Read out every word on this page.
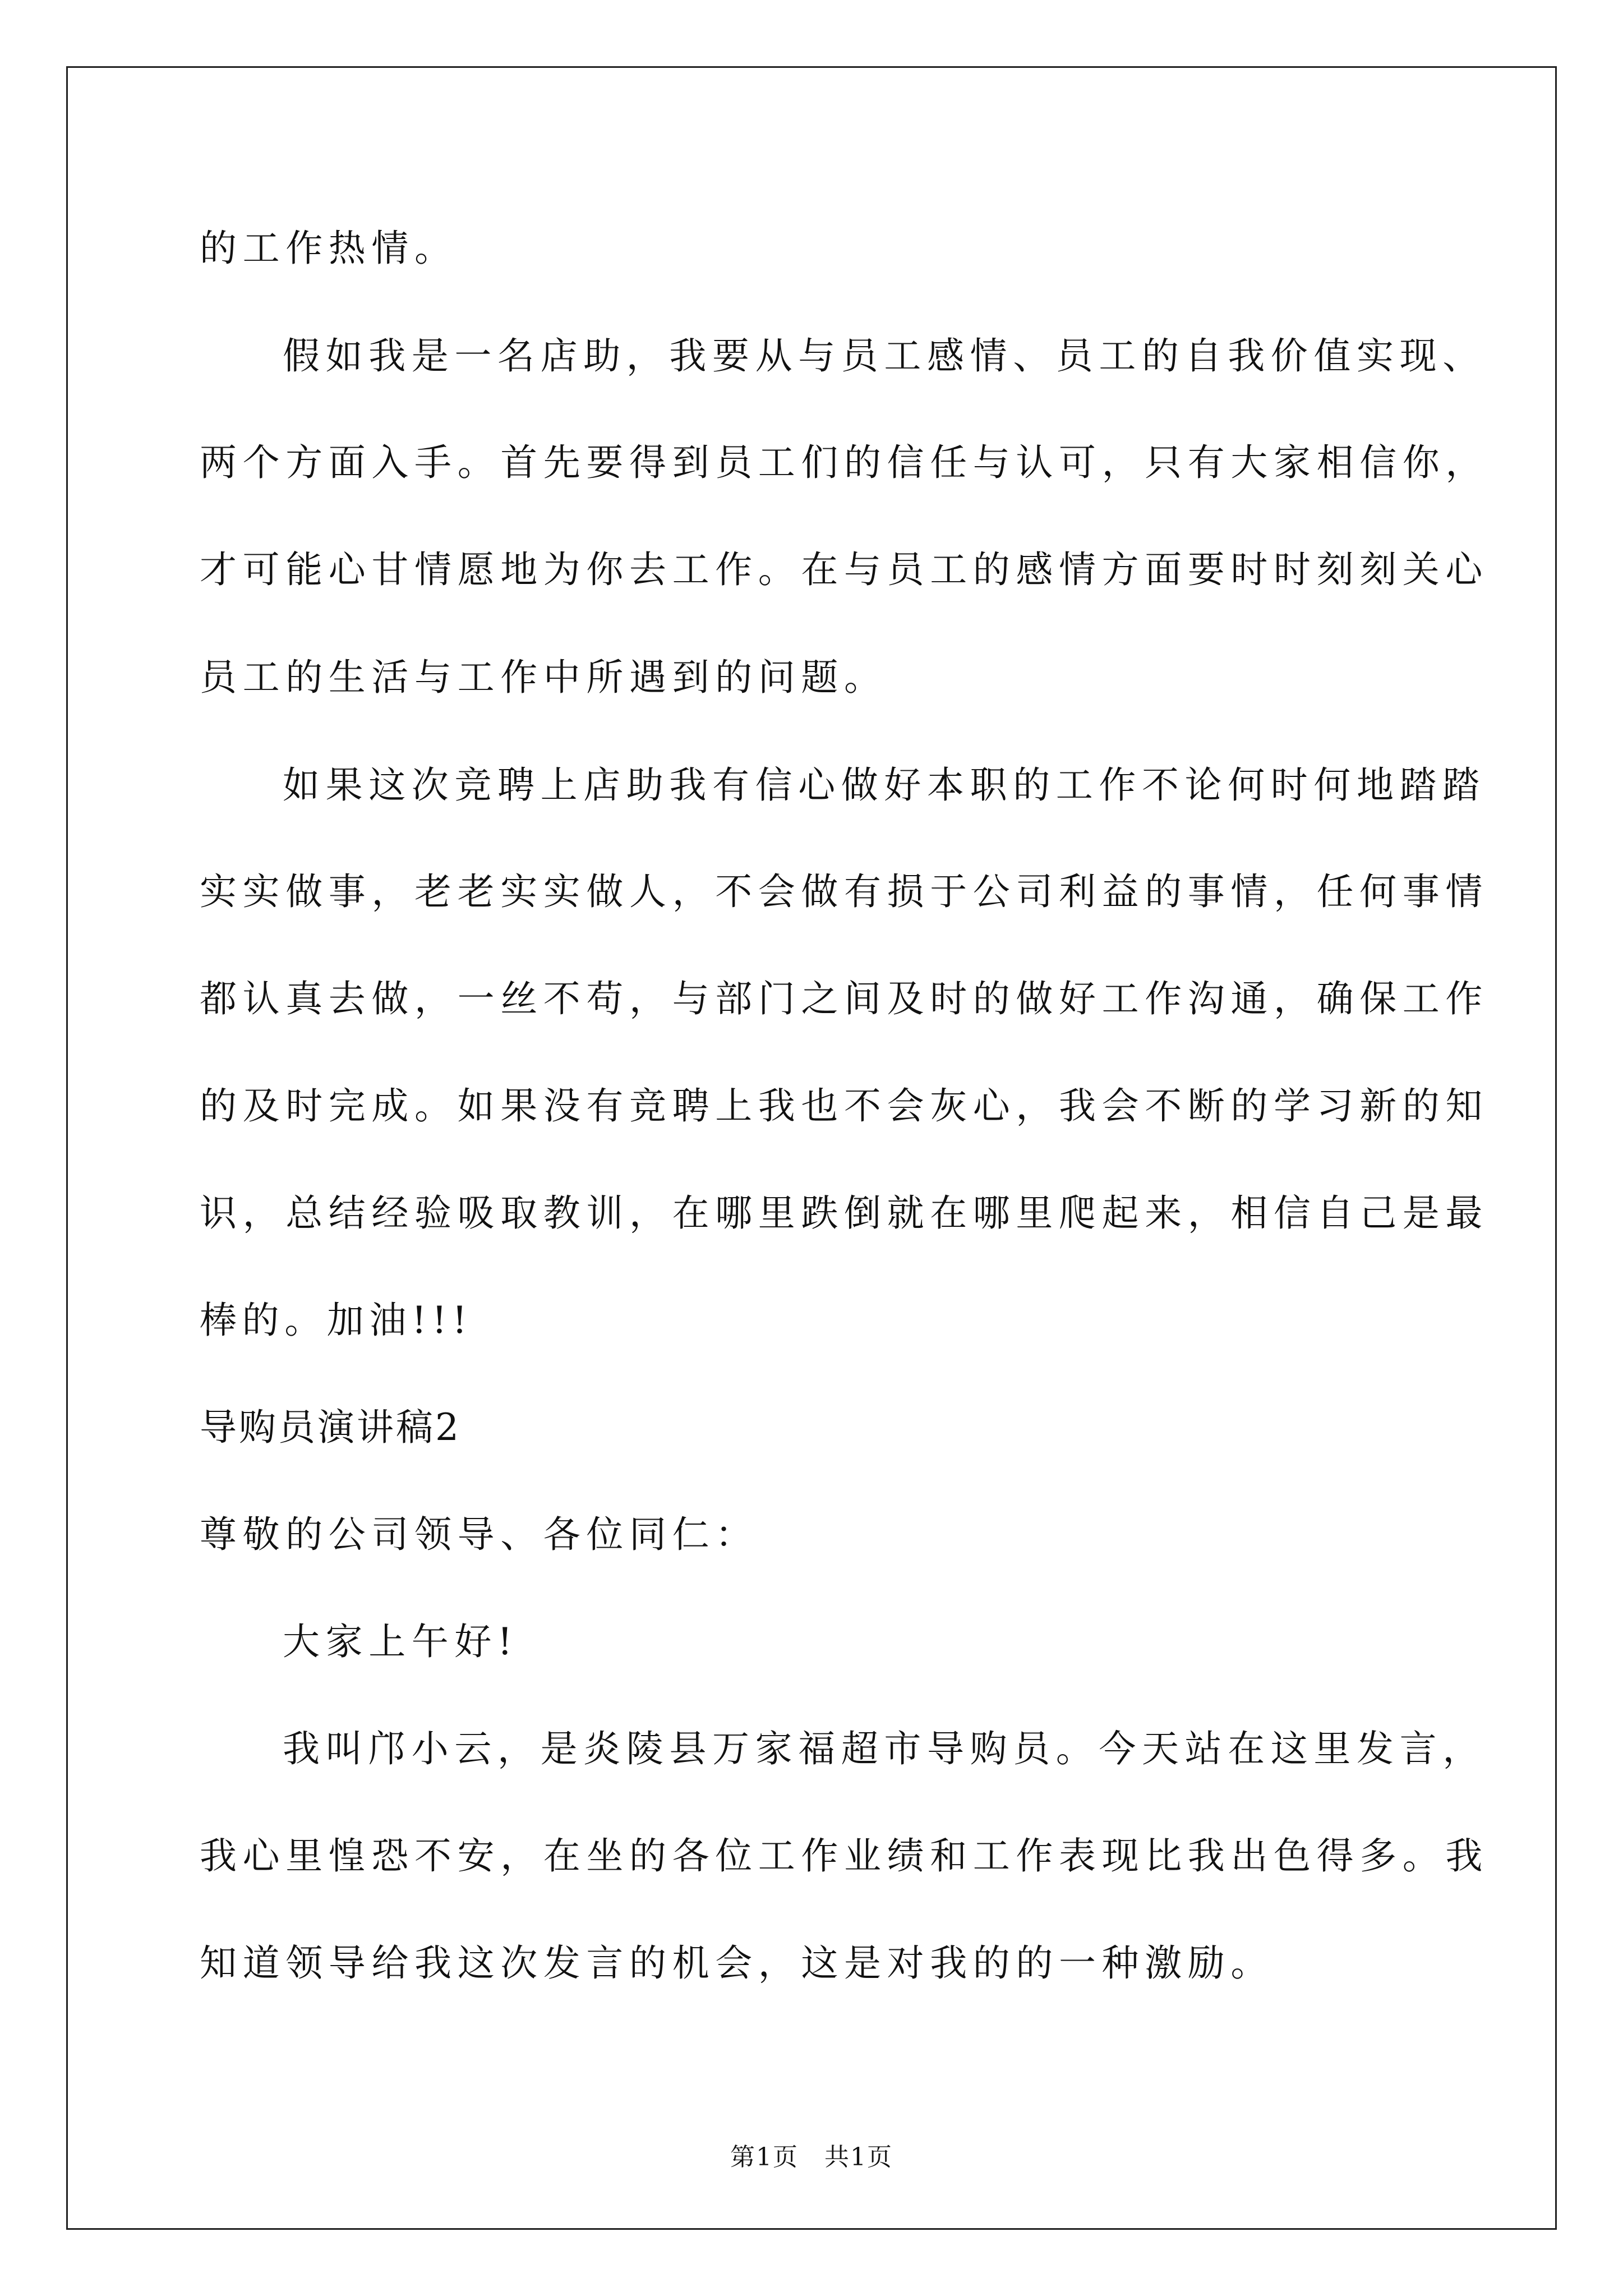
的工作热情。
假如我是一名店助，我要从与员工感情、员工的自我价值实现、
两个方面入手。首先要得到员工们的信任与认可，只有大家相信你，
才可能心甘情愿地为你去工作。在与员工的感情方面要时时刻刻关心
员工的生活与工作中所遇到的问题。
如果这次竞聘上店助我有信心做好本职的工作不论何时何地踏踏
实实做事，老老实实做人，不会做有损于公司利益的事情，任何事情
都认真去做，一丝不苟，与部门之间及时的做好工作沟通，确保工作
的及时完成。如果没有竞聘上我也不会灰心，我会不断的学习新的知
识，总结经验吸取教训，在哪里跌倒就在哪里爬起来，相信自己是最
棒的。加油!!!
导购员演讲稿2
尊敬的公司领导、各位同仁：
大家上午好!
我叫邝小云，是炎陵县万家福超市导购员。今天站在这里发言，
我心里惶恐不安，在坐的各位工作业绩和工作表现比我出色得多。我
知道领导给我这次发言的机会，这是对我的的一种激励。
第1页　共1页
